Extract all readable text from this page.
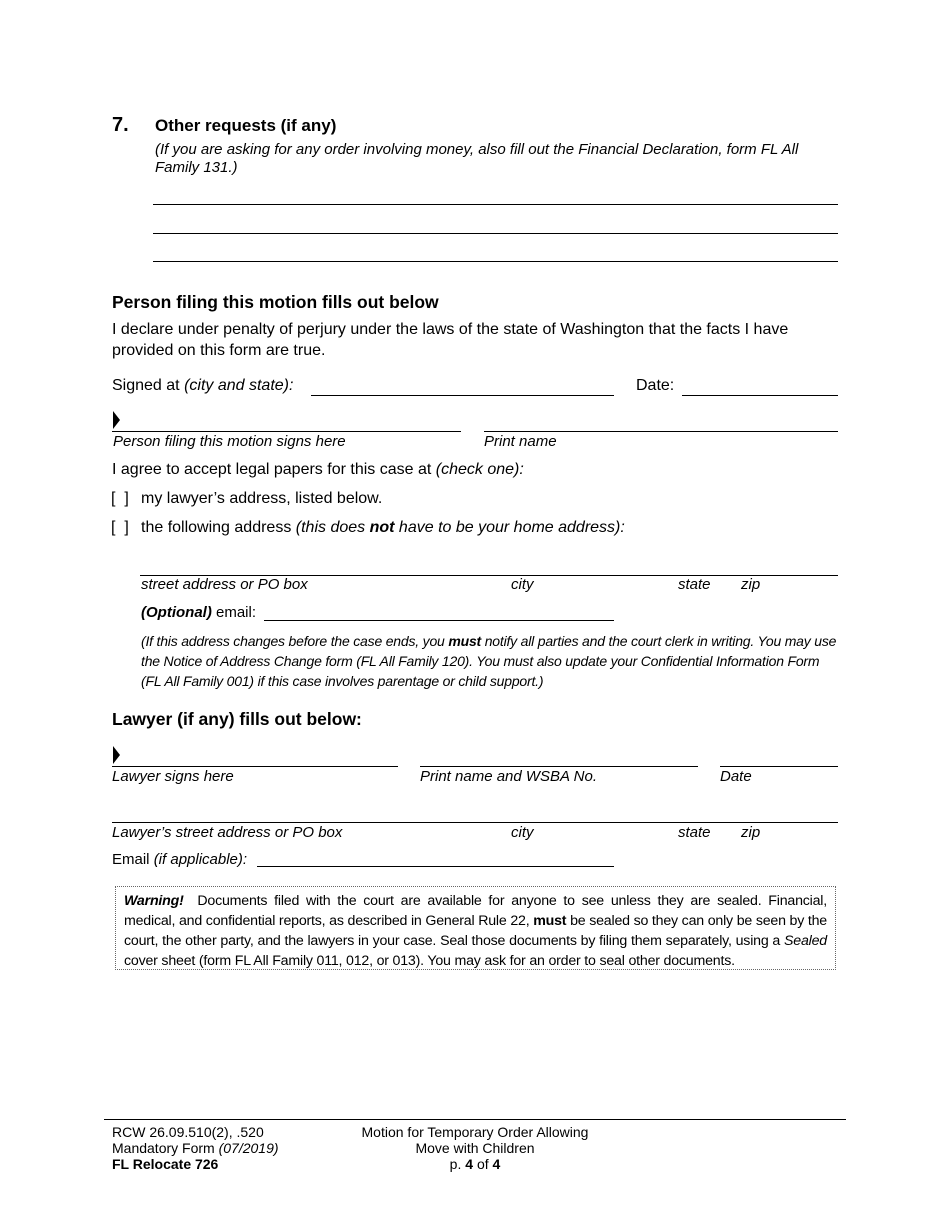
7. Other requests (if any)
(If you are asking for any order involving money, also fill out the Financial Declaration, form FL All Family 131.)
Person filing this motion fills out below
I declare under penalty of perjury under the laws of the state of Washington that the facts I have provided on this form are true.
Signed at (city and state):	Date:
Person filing this motion signs here	Print name
I agree to accept legal papers for this case at (check one):
[  ] my lawyer’s address, listed below.
[  ] the following address (this does not have to be your home address):
street address or PO box	city	state zip
(Optional) email:
(If this address changes before the case ends, you must notify all parties and the court clerk in writing. You may use the Notice of Address Change form (FL All Family 120). You must also update your Confidential Information Form (FL All Family 001) if this case involves parentage or child support.)
Lawyer (if any) fills out below:
Lawyer signs here	Print name and WSBA No.	Date
Lawyer’s street address or PO box	city	state zip
Email (if applicable):
Warning! Documents filed with the court are available for anyone to see unless they are sealed. Financial, medical, and confidential reports, as described in General Rule 22, must be sealed so they can only be seen by the court, the other party, and the lawyers in your case. Seal those documents by filing them separately, using a Sealed cover sheet (form FL All Family 011, 012, or 013). You may ask for an order to seal other documents.
RCW 26.09.510(2), .520
Mandatory Form (07/2019)
FL Relocate 726
Motion for Temporary Order Allowing
Move with Children
p. 4 of 4
